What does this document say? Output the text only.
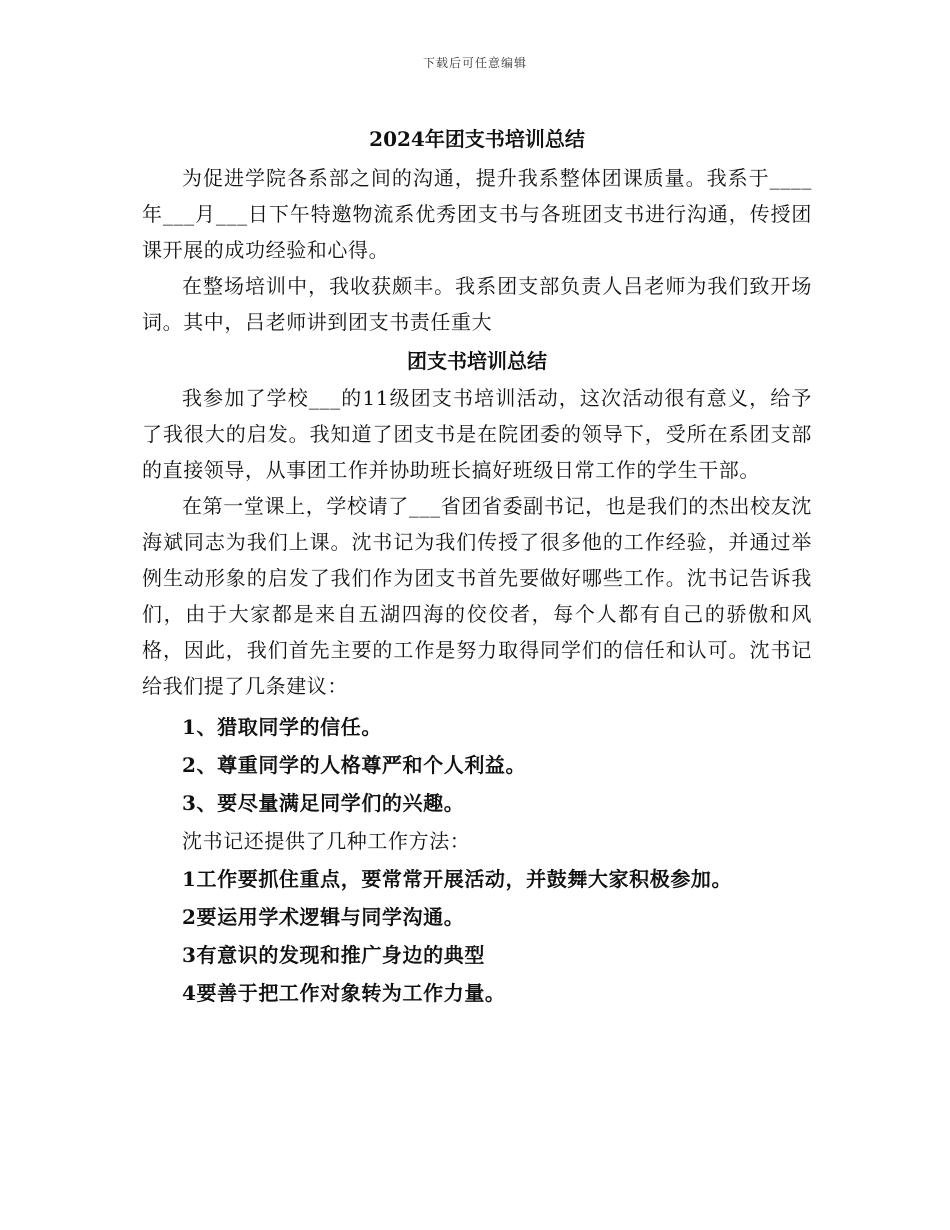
下载后可任意编辑
2024年团支书培训总结

为促进学院各系部之间的沟通，提升我系整体团课质量。我系于____年___月___日下午特邀物流系优秀团支书与各班团支书进行沟通，传授团课开展的成功经验和心得。

在整场培训中，我收获颇丰。我系团支部负责人吕老师为我们致开场词。其中，吕老师讲到团支书责任重大

团支书培训总结

我参加了学校___的11级团支书培训活动，这次活动很有意义，给予了我很大的启发。我知道了团支书是在院团委的领导下，受所在系团支部的直接领导，从事团工作并协助班长搞好班级日常工作的学生干部。

在第一堂课上，学校请了___省团省委副书记，也是我们的杰出校友沈海斌同志为我们上课。沈书记为我们传授了很多他的工作经验，并通过举例生动形象的启发了我们作为团支书首先要做好哪些工作。沈书记告诉我们，由于大家都是来自五湖四海的佼佼者，每个人都有自己的骄傲和风格，因此，我们首先主要的工作是努力取得同学们的信任和认可。沈书记给我们提了几条建议：

1、猎取同学的信任。
2、尊重同学的人格尊严和个人利益。
3、要尽量满足同学们的兴趣。
沈书记还提供了几种工作方法：
1工作要抓住重点，要常常开展活动，并鼓舞大家积极参加。
2要运用学术逻辑与同学沟通。
3有意识的发现和推广身边的典型
4要善于把工作对象转为工作力量。
